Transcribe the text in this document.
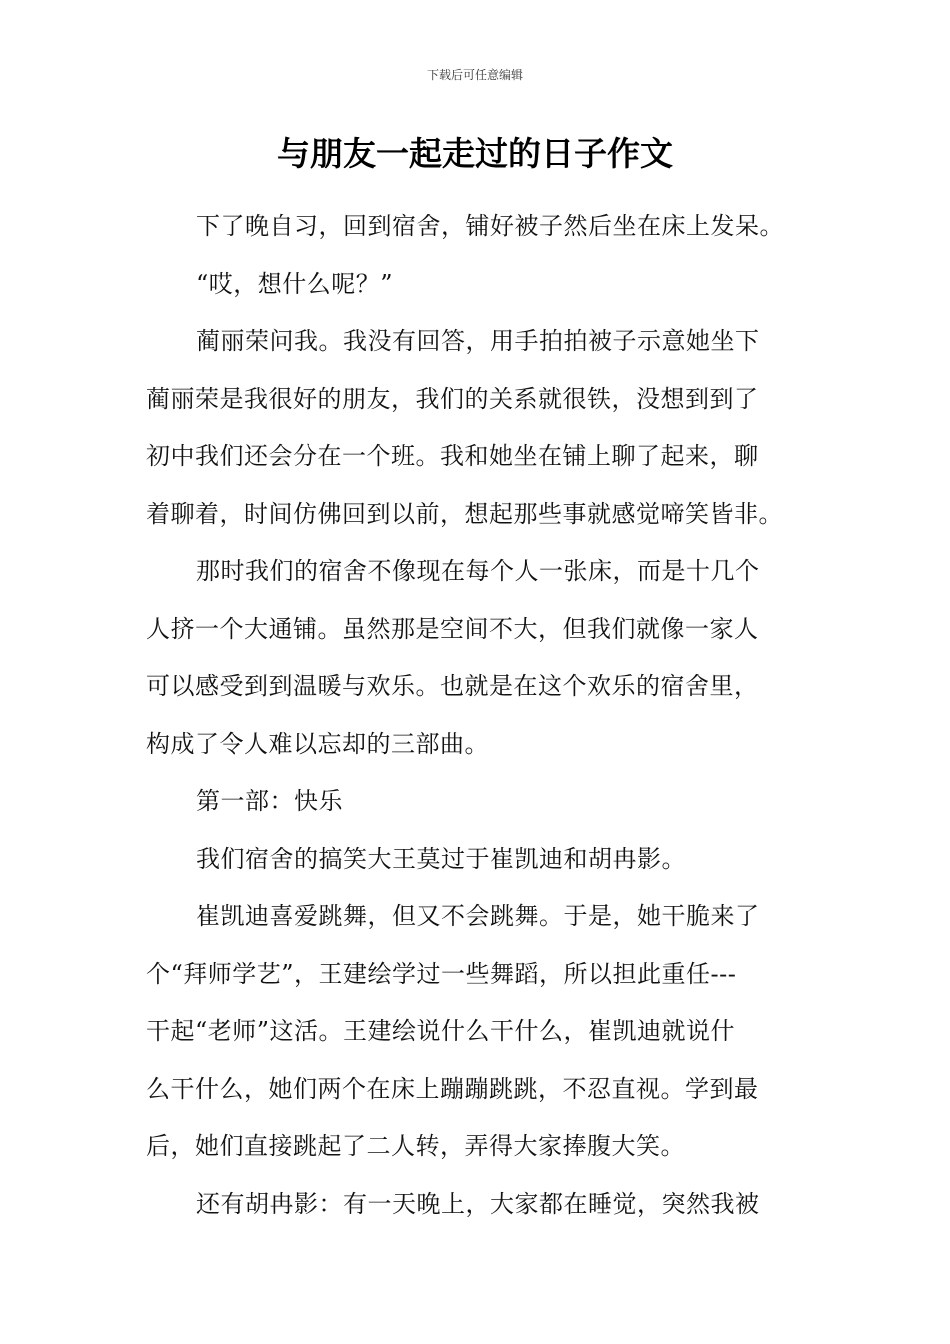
下载后可任意编辑
与朋友一起走过的日子作文
下了晚自习，回到宿舍，铺好被子然后坐在床上发呆。
“哎，想什么呢？”
蔺丽荣问我。我没有回答，用手拍拍被子示意她坐下
蔺丽荣是我很好的朋友，我们的关系就很铁，没想到到了
初中我们还会分在一个班。我和她坐在铺上聊了起来，聊
着聊着，时间仿佛回到以前，想起那些事就感觉啼笑皆非。
那时我们的宿舍不像现在每个人一张床，而是十几个
人挤一个大通铺。虽然那是空间不大，但我们就像一家人
可以感受到到温暖与欢乐。也就是在这个欢乐的宿舍里，
构成了令人难以忘却的三部曲。
第一部：快乐
我们宿舍的搞笑大王莫过于崔凯迪和胡冉影。
崔凯迪喜爱跳舞，但又不会跳舞。于是，她干脆来了
个“拜师学艺”，王建绘学过一些舞蹈，所以担此重任---
干起“老师”这活。王建绘说什么干什么，崔凯迪就说什
么干什么，她们两个在床上蹦蹦跳跳，不忍直视。学到最
后，她们直接跳起了二人转，弄得大家捧腹大笑。
还有胡冉影：有一天晚上，大家都在睡觉，突然我被
